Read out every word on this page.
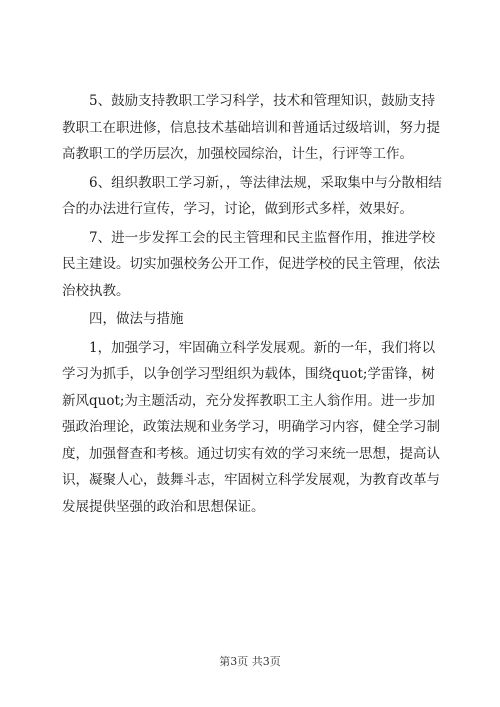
5、鼓励支持教职工学习科学，技术和管理知识，鼓励支持
教职工在职进修，信息技术基础培训和普通话过级培训，努力提
高教职工的学历层次，加强校园综治，计生，行评等工作。
6、组织教职工学习新，，等法律法规，采取集中与分散相结
合的办法进行宣传，学习，讨论，做到形式多样，效果好。
7、进一步发挥工会的民主管理和民主监督作用，推进学校
民主建设。切实加强校务公开工作，促进学校的民主管理，依法
治校执教。
四，做法与措施
1，加强学习，牢固确立科学发展观。新的一年，我们将以
学习为抓手，以争创学习型组织为载体，围绕quot;学雷锋，树
新风quot;为主题活动，充分发挥教职工主人翁作用。进一步加
强政治理论，政策法规和业务学习，明确学习内容，健全学习制
度，加强督查和考核。通过切实有效的学习来统一思想，提高认
识，凝聚人心，鼓舞斗志，牢固树立科学发展观，为教育改革与
发展提供坚强的政治和思想保证。
第3页 共3页
